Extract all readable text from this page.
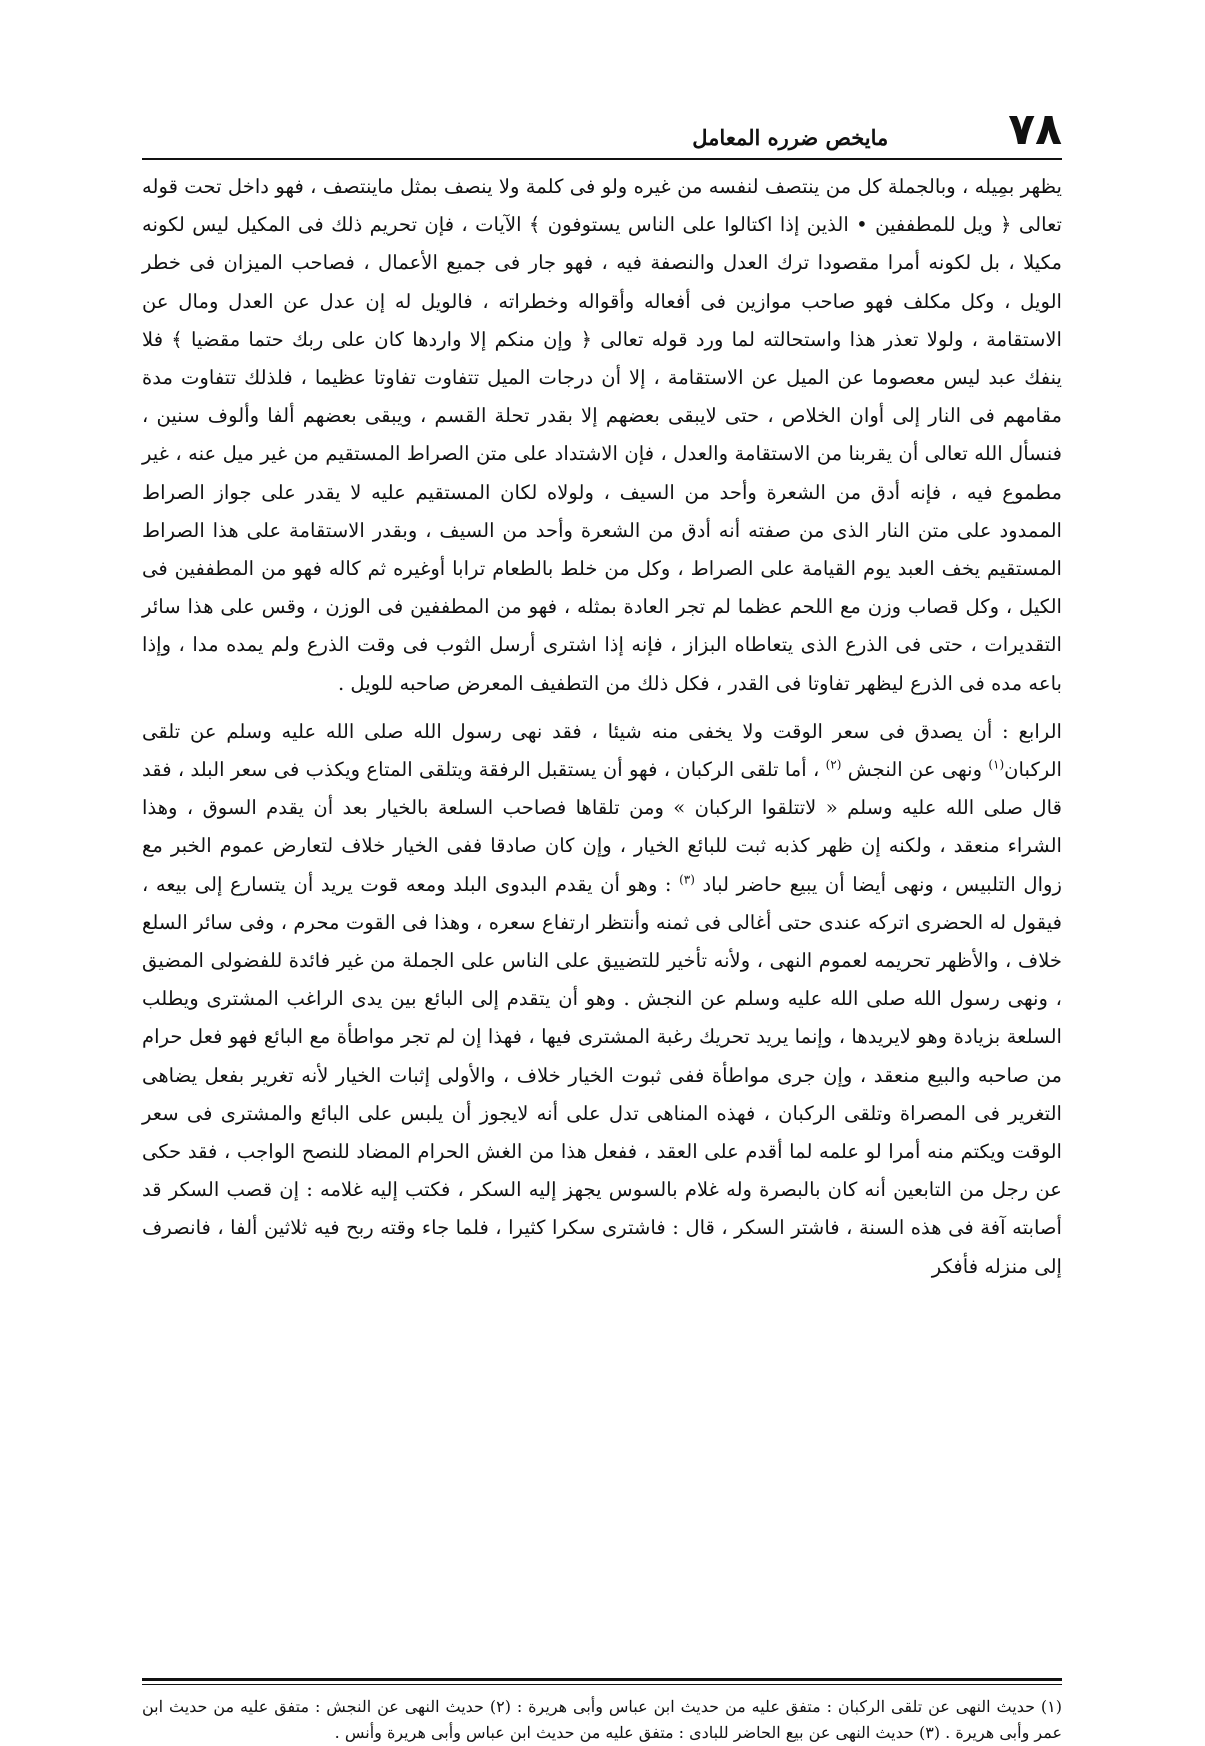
٧٨
مايخص ضرره المعامل

يظهر بمِيله ، وبالجملة كل من ينتصف لنفسه من غيره ولو فى كلمة ولا ينصف بمثل ماينتصف ، فهو داخل تحت قوله تعالى ﴿ ويل للمطففين • الذين إذا اكتالوا على الناس يستوفون ﴾ الآيات ، فإن تحريم ذلك فى المكيل ليس لكونه مكيلا ، بل لكونه أمرا مقصودا ترك العدل والنصفة فيه ، فهو جار فى جميع الأعمال ، فصاحب الميزان فى خطر الويل ، وكل مكلف فهو صاحب موازين فى أفعاله وأقواله وخطراته ، فالويل له إن عدل عن العدل ومال عن الاستقامة ، ولولا تعذر هذا واستحالته لما ورد قوله تعالى ﴿ وإن منكم إلا واردها كان على ربك حتما مقضيا ﴾ فلا ينفك عبد ليس معصوما عن الميل عن الاستقامة ، إلا أن درجات الميل تتفاوت تفاوتا عظيما ، فلذلك تتفاوت مدة مقامهم فى النار إلى أوان الخلاص ، حتى لايبقى بعضهم إلا بقدر تحلة القسم ، ويبقى بعضهم ألفا وألوف سنين ، فنسأل الله تعالى أن يقربنا من الاستقامة والعدل ، فإن الاشتداد على متن الصراط المستقيم من غير ميل عنه ، غير مطموع فيه ، فإنه أدق من الشعرة وأحد من السيف ، ولولاه لكان المستقيم عليه لا يقدر على جواز الصراط الممدود على متن النار الذى من صفته أنه أدق من الشعرة وأحد من السيف ، وبقدر الاستقامة على هذا الصراط المستقيم يخف العبد يوم القيامة على الصراط ، وكل من خلط بالطعام ترابا أوغيره ثم كاله فهو من المطففين فى الكيل ، وكل قصاب وزن مع اللحم عظما لم تجر العادة بمثله ، فهو من المطففين فى الوزن ، وقس على هذا سائر التقديرات ، حتى فى الذرع الذى يتعاطاه البزاز ، فإنه إذا اشترى أرسل الثوب فى وقت الذرع ولم يمده مدا ، وإذا باعه مده فى الذرع ليظهر تفاوتا فى القدر ، فكل ذلك من التطفيف المعرض صاحبه للويل .

الرابع : أن يصدق فى سعر الوقت ولا يخفى منه شيئا ، فقد نهى رسول الله صلى الله عليه وسلم عن تلقى الركبان$^{(١)}$ ونهى عن النجش $^{(٢)}$ ، أما تلقى الركبان ، فهو أن يستقبل الرفقة ويتلقى المتاع ويكذب فى سعر البلد ، فقد قال صلى الله عليه وسلم « لاتتلقوا الركبان » ومن تلقاها فصاحب السلعة بالخيار بعد أن يقدم السوق ، وهذا الشراء منعقد ، ولكنه إن ظهر كذبه ثبت للبائع الخيار ، وإن كان صادقا ففى الخيار خلاف لتعارض عموم الخبر مع زوال التلبيس ، ونهى أيضا أن يبيع حاضر لباد $^{(٣)}$ : وهو أن يقدم البدوى البلد ومعه قوت يريد أن يتسارع إلى بيعه ، فيقول له الحضرى اتركه عندى حتى أغالى فى ثمنه وأنتظر ارتفاع سعره ، وهذا فى القوت محرم ، وفى سائر السلع خلاف ، والأظهر تحريمه لعموم النهى ، ولأنه تأخير للتضييق على الناس على الجملة من غير فائدة للفضولى المضيق ، ونهى رسول الله صلى الله عليه وسلم عن النجش . وهو أن يتقدم إلى البائع بين يدى الراغب المشترى ويطلب السلعة بزيادة وهو لايريدها ، وإنما يريد تحريك رغبة المشترى فيها ، فهذا إن لم تجر مواطأة مع البائع فهو فعل حرام من صاحبه والبيع منعقد ، وإن جرى مواطأة ففى ثبوت الخيار خلاف ، والأولى إثبات الخيار لأنه تغرير بفعل يضاهى التغرير فى المصراة وتلقى الركبان ، فهذه المناهى تدل على أنه لايجوز أن يلبس على البائع والمشترى فى سعر الوقت ويكتم منه أمرا لو علمه لما أقدم على العقد ، ففعل هذا من الغش الحرام المضاد للنصح الواجب ، فقد حكى عن رجل من التابعين أنه كان بالبصرة وله غلام بالسوس يجهز إليه السكر ، فكتب إليه غلامه : إن قصب السكر قد أصابته آفة فى هذه السنة ، فاشتر السكر ، قال : فاشترى سكرا كثيرا ، فلما جاء وقته ربح فيه ثلاثين ألفا ، فانصرف إلى منزله فأفكر

(١) حديث النهى عن تلقى الركبان : متفق عليه من حديث ابن عباس وأبى هريرة : (٢) حديث النهى عن النجش : متفق عليه من حديث ابن عمر وأبى هريرة . (٣) حديث النهى عن بيع الحاضر للبادى : متفق عليه من حديث ابن عباس وأبى هريرة وأنس .
